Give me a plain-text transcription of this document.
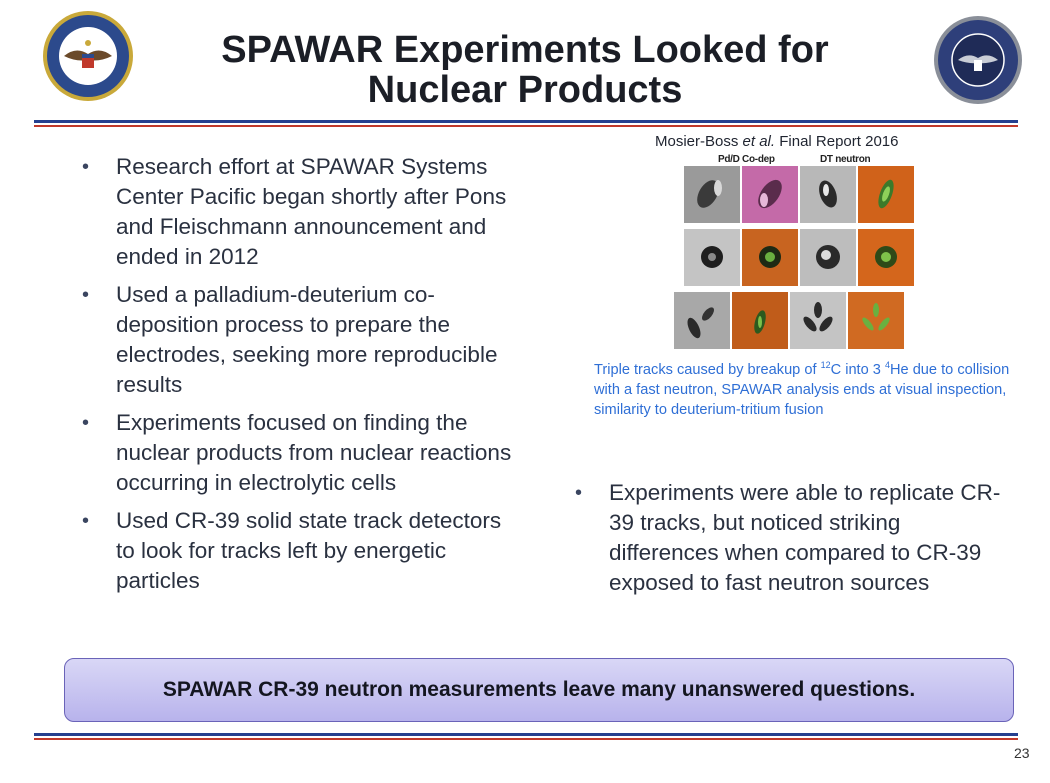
SPAWAR Experiments Looked for
Nuclear Products
• Research effort at SPAWAR Systems Center Pacific began shortly after Pons and Fleischmann announcement and ended in 2012
• Used a palladium-deuterium co-deposition process to prepare the electrodes, seeking more reproducible results
• Experiments focused on finding the nuclear products from nuclear reactions occurring in electrolytic cells
• Used CR-39 solid state track detectors to look for tracks left by energetic particles
Mosier-Boss et al. Final Report 2016
Pd/D Co-dep	DT neutron
Triple tracks caused by breakup of $^{12}$C into 3 $^4$He due to collision with a fast neutron, SPAWAR analysis ends at visual inspection, similarity to deuterium-tritium fusion
• Experiments were able to replicate CR-39 tracks, but noticed striking differences when compared to CR-39 exposed to fast neutron sources
SPAWAR CR-39 neutron measurements leave many unanswered questions.
23
